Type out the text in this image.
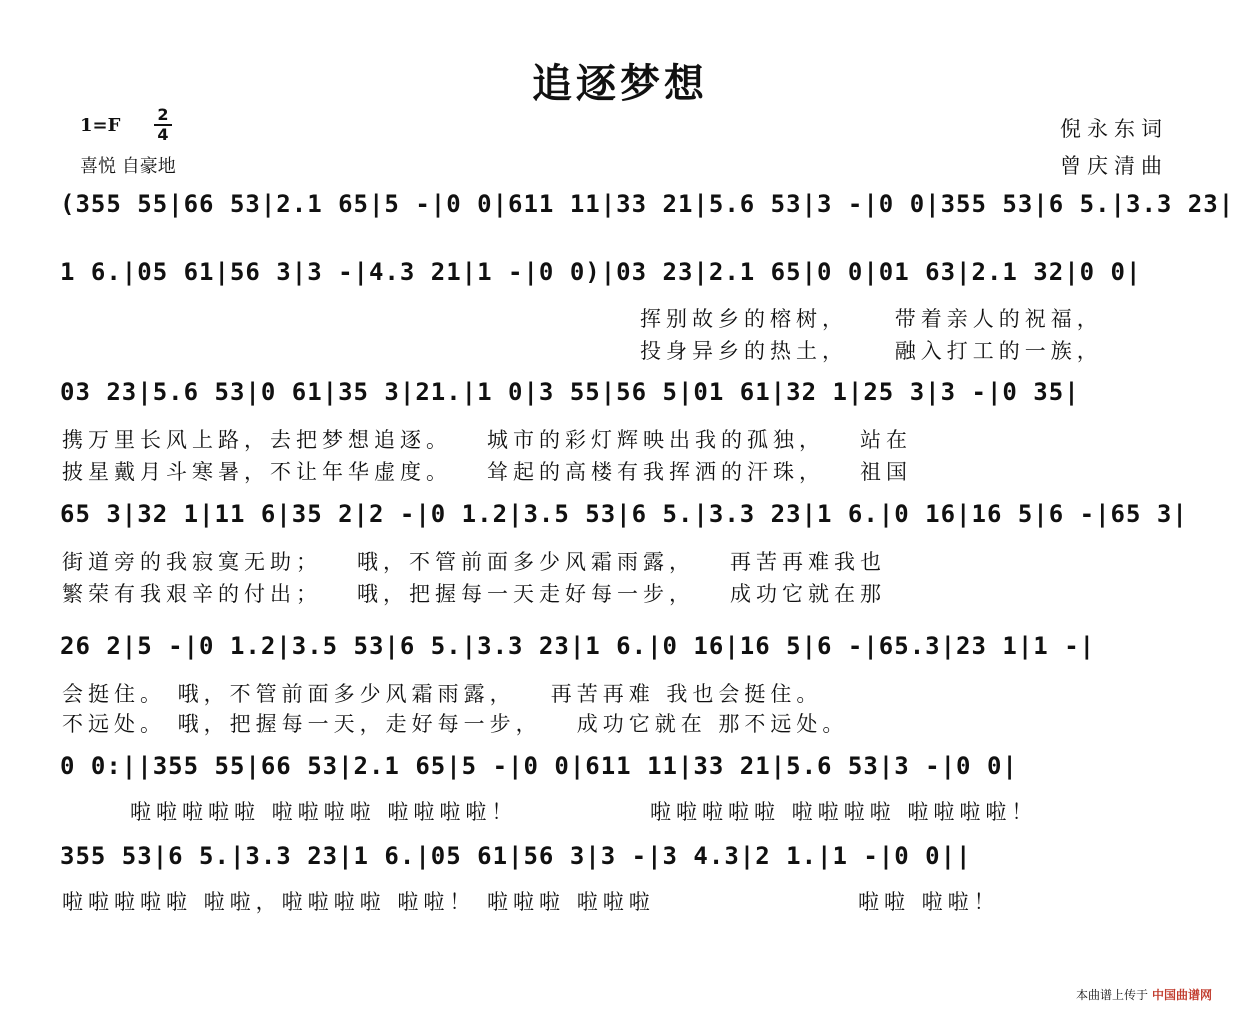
追逐梦想
1=F
2
4
喜悦 自豪地
倪永东词
曾庆清曲
(355 55|66 53|2.1 65|5 -|0 0|611 11|33 21|5.6 53|3 -|0 0|355 53|6 5.|3.3 23|
1 6.|05 61|56 3|3 -|4.3 21|1 -|0 0)|03 23|2.1 65|0 0|01 63|2.1 32|0 0|
03 23|5.6 53|0 61|35 3|21.|1 0|3 55|56 5|01 61|32 1|25 3|3 -|0 35|
65 3|32 1|11 6|35 2|2 -|0 1.2|3.5 53|6 5.|3.3 23|1 6.|0 16|16 5|6 -|65 3|
26 2|5 -|0 1.2|3.5 53|6 5.|3.3 23|1 6.|0 16|16 5|6 -|65.3|23 1|1 -|
0 0:||355 55|66 53|2.1 65|5 -|0 0|611 11|33 21|5.6 53|3 -|0 0|
355 53|6 5.|3.3 23|1 6.|05 61|56 3|3 -|3 4.3|2 1.|1 -|0 0||
挥别故乡的榕树，    带着亲人的祝福，
投身异乡的热土，    融入打工的一族，
携万里长风上路，去把梦想追逐。   城市的彩灯辉映出我的孤独，   站在
披星戴月斗寒暑，不让年华虚度。   耸起的高楼有我挥洒的汗珠，   祖国
街道旁的我寂寞无助；   哦，不管前面多少风霜雨露，   再苦再难我也
繁荣有我艰辛的付出；   哦，把握每一天走好每一步，   成功它就在那
会挺住。 哦，不管前面多少风霜雨露，   再苦再难 我也会挺住。
不远处。 哦，把握每一天，走好每一步，   成功它就在 那不远处。
啦啦啦啦啦 啦啦啦啦 啦啦啦啦！	啦啦啦啦啦 啦啦啦啦 啦啦啦啦！
啦啦啦啦啦 啦啦，啦啦啦啦 啦啦！ 啦啦啦 啦啦啦	啦啦 啦啦！
本曲谱上传于 中国曲谱网
